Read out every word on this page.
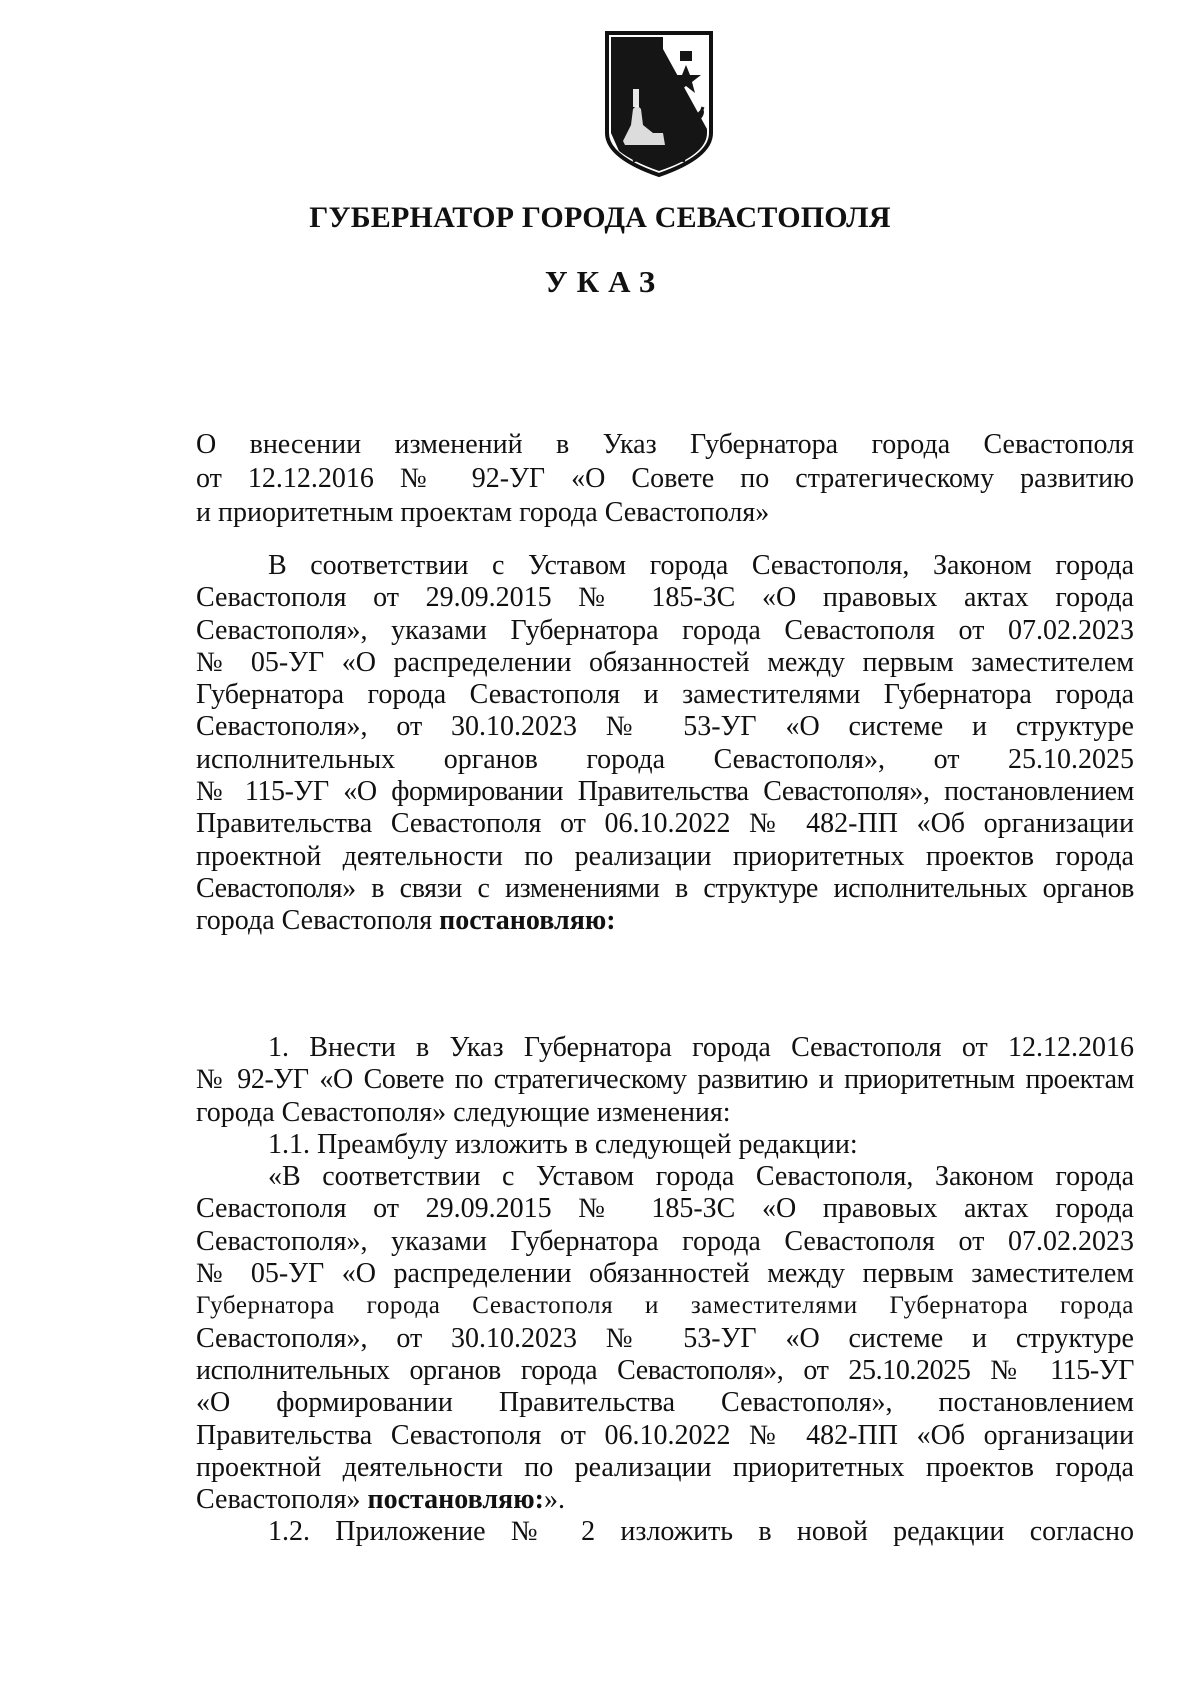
ГУБЕРНАТОР ГОРОДА СЕВАСТОПОЛЯ
УКАЗ
О внесении изменений в Указ Губернатора города Севастополя
от 12.12.2016 № 92-УГ «О Совете по стратегическому развитию
и приоритетным проектам города Севастополя»
В соответствии с Уставом города Севастополя, Законом города
Севастополя от 29.09.2015 № 185-ЗС «О правовых актах города
Севастополя», указами Губернатора города Севастополя от 07.02.2023
№ 05-УГ «О распределении обязанностей между первым заместителем
Губернатора города Севастополя и заместителями Губернатора города
Севастополя», от 30.10.2023 № 53-УГ «О системе и структуре
исполнительных органов города Севастополя», от 25.10.2025
№ 115-УГ «О формировании Правительства Севастополя», постановлением
Правительства Севастополя от 06.10.2022 № 482-ПП «Об организации
проектной деятельности по реализации приоритетных проектов города
Севастополя» в связи с изменениями в структуре исполнительных органов
города Севастополя постановляю:
1. Внести в Указ Губернатора города Севастополя от 12.12.2016
№ 92-УГ «О Совете по стратегическому развитию и приоритетным проектам
города Севастополя» следующие изменения:
1.1. Преамбулу изложить в следующей редакции:
«В соответствии с Уставом города Севастополя, Законом города
Севастополя от 29.09.2015 № 185-ЗС «О правовых актах города
Севастополя», указами Губернатора города Севастополя от 07.02.2023
№ 05-УГ «О распределении обязанностей между первым заместителем
Губернатора города Севастополя и заместителями Губернатора города
Севастополя», от 30.10.2023 № 53-УГ «О системе и структуре
исполнительных органов города Севастополя», от 25.10.2025 № 115-УГ
«О формировании Правительства Севастополя», постановлением
Правительства Севастополя от 06.10.2022 № 482-ПП «Об организации
проектной деятельности по реализации приоритетных проектов города
Севастополя» постановляю:».
1.2. Приложение № 2 изложить в новой редакции согласно
